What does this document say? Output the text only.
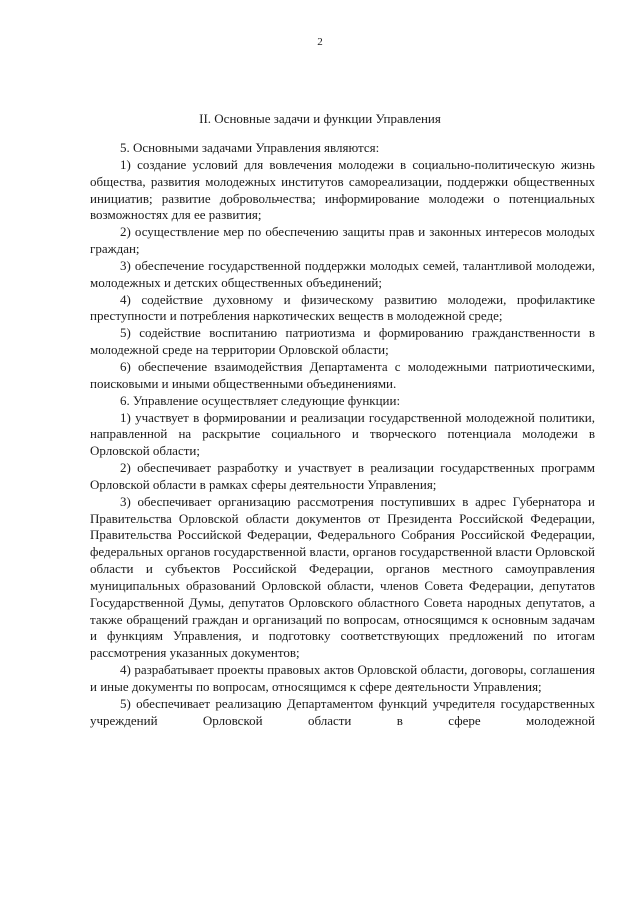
2
II. Основные задачи и функции Управления

5. Основными задачами Управления являются:

1) создание условий для вовлечения молодежи в социально-политическую жизнь общества, развития молодежных институтов самореализации, поддержки общественных инициатив; развитие добровольчества; информирование молодежи о потенциальных возможностях для ее развития;

2) осуществление мер по обеспечению защиты прав и законных интересов молодых граждан;

3) обеспечение государственной поддержки молодых семей, талантливой молодежи, молодежных и детских общественных объединений;

4) содействие духовному и физическому развитию молодежи, профилактике преступности и потребления наркотических веществ в молодежной среде;

5) содействие воспитанию патриотизма и формированию гражданственности в молодежной среде на территории Орловской области;

6) обеспечение взаимодействия Департамента с молодежными патриотическими, поисковыми и иными общественными объединениями.

6. Управление осуществляет следующие функции:

1) участвует в формировании и реализации государственной молодежной политики, направленной на раскрытие социального и творческого потенциала молодежи в Орловской области;

2) обеспечивает разработку и участвует в реализации государственных программ Орловской области в рамках сферы деятельности Управления;

3) обеспечивает организацию рассмотрения поступивших в адрес Губернатора и Правительства Орловской области документов от Президента Российской Федерации, Правительства Российской Федерации, Федерального Собрания Российской Федерации, федеральных органов государственной власти, органов государственной власти Орловской области и субъектов Российской Федерации, органов местного самоуправления муниципальных образований Орловской области, членов Совета Федерации, депутатов Государственной Думы, депутатов Орловского областного Совета народных депутатов, а также обращений граждан и организаций по вопросам, относящимся к основным задачам и функциям Управления, и подготовку соответствующих предложений по итогам рассмотрения указанных документов;

4) разрабатывает проекты правовых актов Орловской области, договоры, соглашения и иные документы по вопросам, относящимся к сфере деятельности Управления;

5) обеспечивает реализацию Департаментом функций учредителя государственных учреждений Орловской области в сфере молодежной
